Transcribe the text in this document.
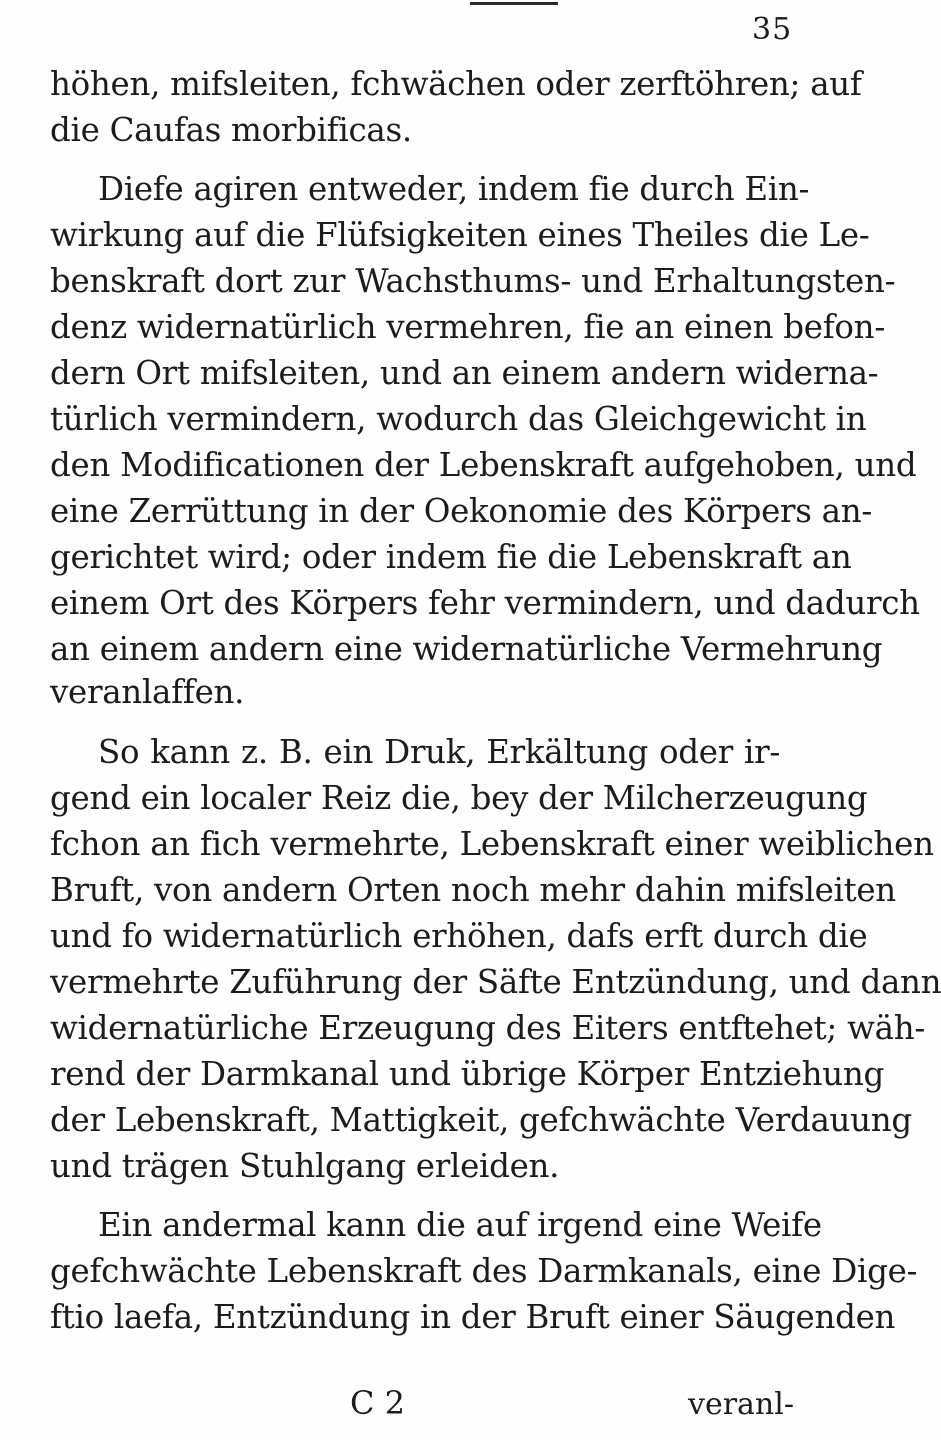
35
höhen, mifsleiten, fchwächen oder zerftöhren; auf
die Caufas morbificas.
Diefe agiren entweder, indem fie durch Ein-
wirkung auf die Flüfsigkeiten eines Theiles die Le-
benskraft dort zur Wachsthums- und Erhaltungsten-
denz widernatürlich vermehren, fie an einen befon-
dern Ort mifsleiten, und an einem andern widerna-
türlich vermindern, wodurch das Gleichgewicht in
den Modificationen der Lebenskraft aufgehoben, und
eine Zerrüttung in der Oekonomie des Körpers an-
gerichtet wird; oder indem fie die Lebenskraft an
einem Ort des Körpers fehr vermindern, und dadurch
an einem andern eine widernatürliche Vermehrung
veranlaffen.
So kann z. B. ein Druk, Erkältung oder ir-
gend ein localer Reiz die, bey der Milcherzeugung
fchon an fich vermehrte, Lebenskraft einer weiblichen
Bruft, von andern Orten noch mehr dahin mifsleiten
und fo widernatürlich erhöhen, dafs erft durch die
vermehrte Zuführung der Säfte Entzündung, und dann
widernatürliche Erzeugung des Eiters entftehet; wäh-
rend der Darmkanal und übrige Körper Entziehung
der Lebenskraft, Mattigkeit, gefchwächte Verdauung
und trägen Stuhlgang erleiden.
Ein andermal kann die auf irgend eine Weife
gefchwächte Lebenskraft des Darmkanals, eine Dige-
ftio laefa, Entzündung in der Bruft einer Säugenden
C 2	veranl-
